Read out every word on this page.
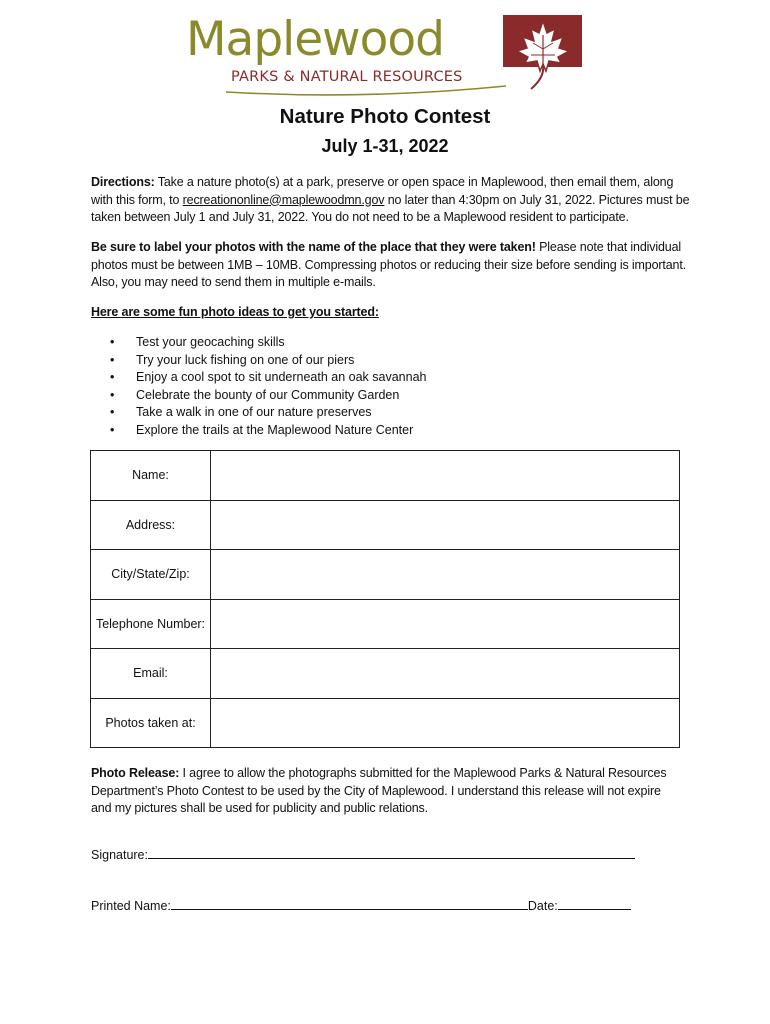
Maplewood
PARKS & NATURAL RESOURCES
Nature Photo Contest
July 1-31, 2022

Directions: Take a nature photo(s) at a park, preserve or open space in Maplewood, then email them, along with this form, to recreationonline@maplewoodmn.gov no later than 4:30pm on July 31, 2022. Pictures must be taken between July 1 and July 31, 2022. You do not need to be a Maplewood resident to participate.

Be sure to label your photos with the name of the place that they were taken! Please note that individual photos must be between 1MB – 10MB. Compressing photos or reducing their size before sending is important. Also, you may need to send them in multiple e-mails.

Here are some fun photo ideas to get you started:

• Test your geocaching skills
• Try your luck fishing on one of our piers
• Enjoy a cool spot to sit underneath an oak savannah
• Celebrate the bounty of our Community Garden
• Take a walk in one of our nature preserves
• Explore the trails at the Maplewood Nature Center
Name:	
Address:	
City/State/Zip:	
Telephone Number:	
Email:	
Photos taken at:	

Photo Release: I agree to allow the photographs submitted for the Maplewood Parks & Natural Resources Department’s Photo Contest to be used by the City of Maplewood. I understand this release will not expire and my pictures shall be used for publicity and public relations.

Signature:

Printed Name:	Date:
